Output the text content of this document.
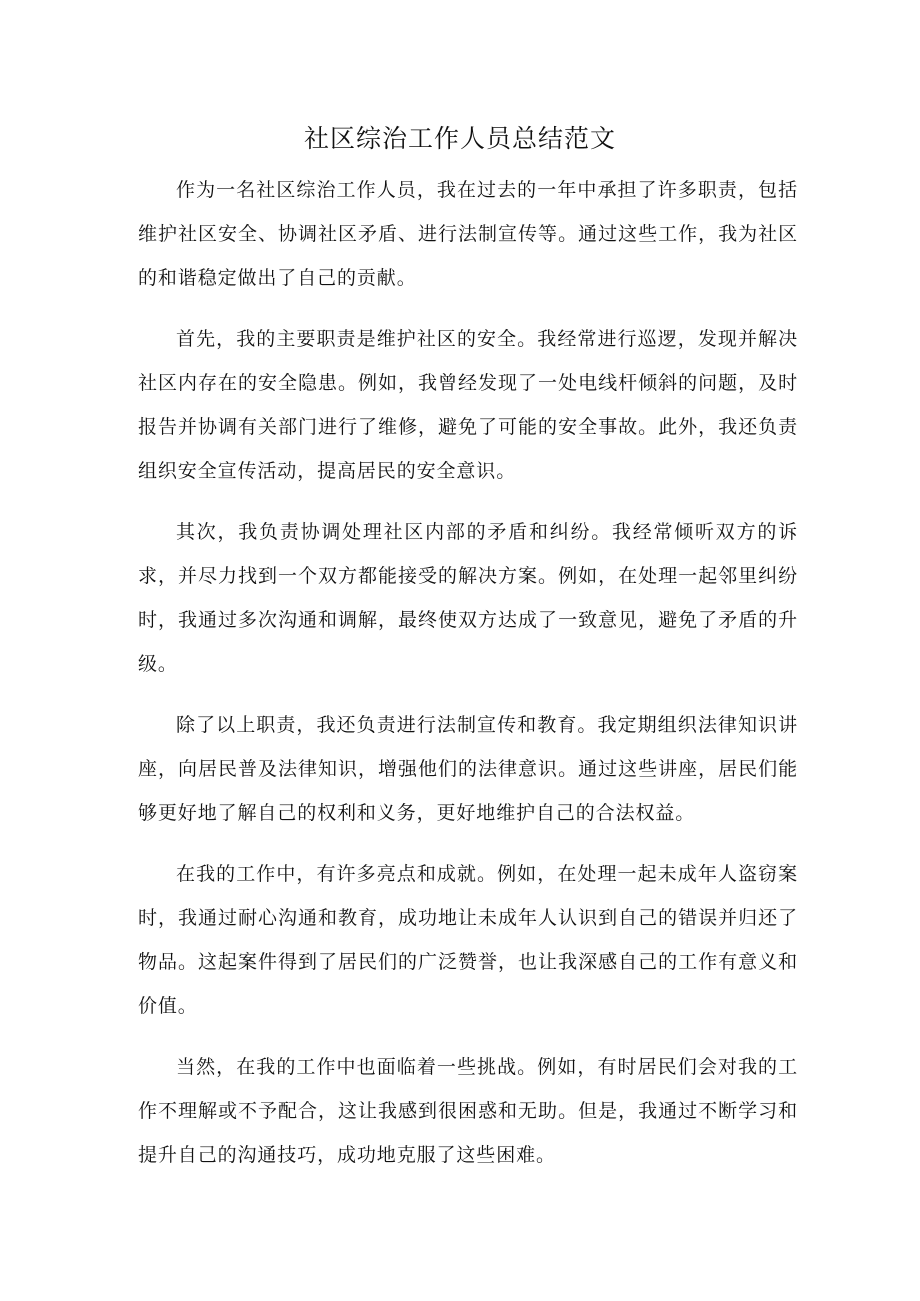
社区综治工作人员总结范文

作为一名社区综治工作人员，我在过去的一年中承担了许多职责，包括维护社区安全、协调社区矛盾、进行法制宣传等。通过这些工作，我为社区的和谐稳定做出了自己的贡献。

首先，我的主要职责是维护社区的安全。我经常进行巡逻，发现并解决社区内存在的安全隐患。例如，我曾经发现了一处电线杆倾斜的问题，及时报告并协调有关部门进行了维修，避免了可能的安全事故。此外，我还负责组织安全宣传活动，提高居民的安全意识。

其次，我负责协调处理社区内部的矛盾和纠纷。我经常倾听双方的诉求，并尽力找到一个双方都能接受的解决方案。例如，在处理一起邻里纠纷时，我通过多次沟通和调解，最终使双方达成了一致意见，避免了矛盾的升级。

除了以上职责，我还负责进行法制宣传和教育。我定期组织法律知识讲座，向居民普及法律知识，增强他们的法律意识。通过这些讲座，居民们能够更好地了解自己的权利和义务，更好地维护自己的合法权益。

在我的工作中，有许多亮点和成就。例如，在处理一起未成年人盗窃案时，我通过耐心沟通和教育，成功地让未成年人认识到自己的错误并归还了物品。这起案件得到了居民们的广泛赞誉，也让我深感自己的工作有意义和价值。

当然，在我的工作中也面临着一些挑战。例如，有时居民们会对我的工作不理解或不予配合，这让我感到很困惑和无助。但是，我通过不断学习和提升自己的沟通技巧，成功地克服了这些困难。
